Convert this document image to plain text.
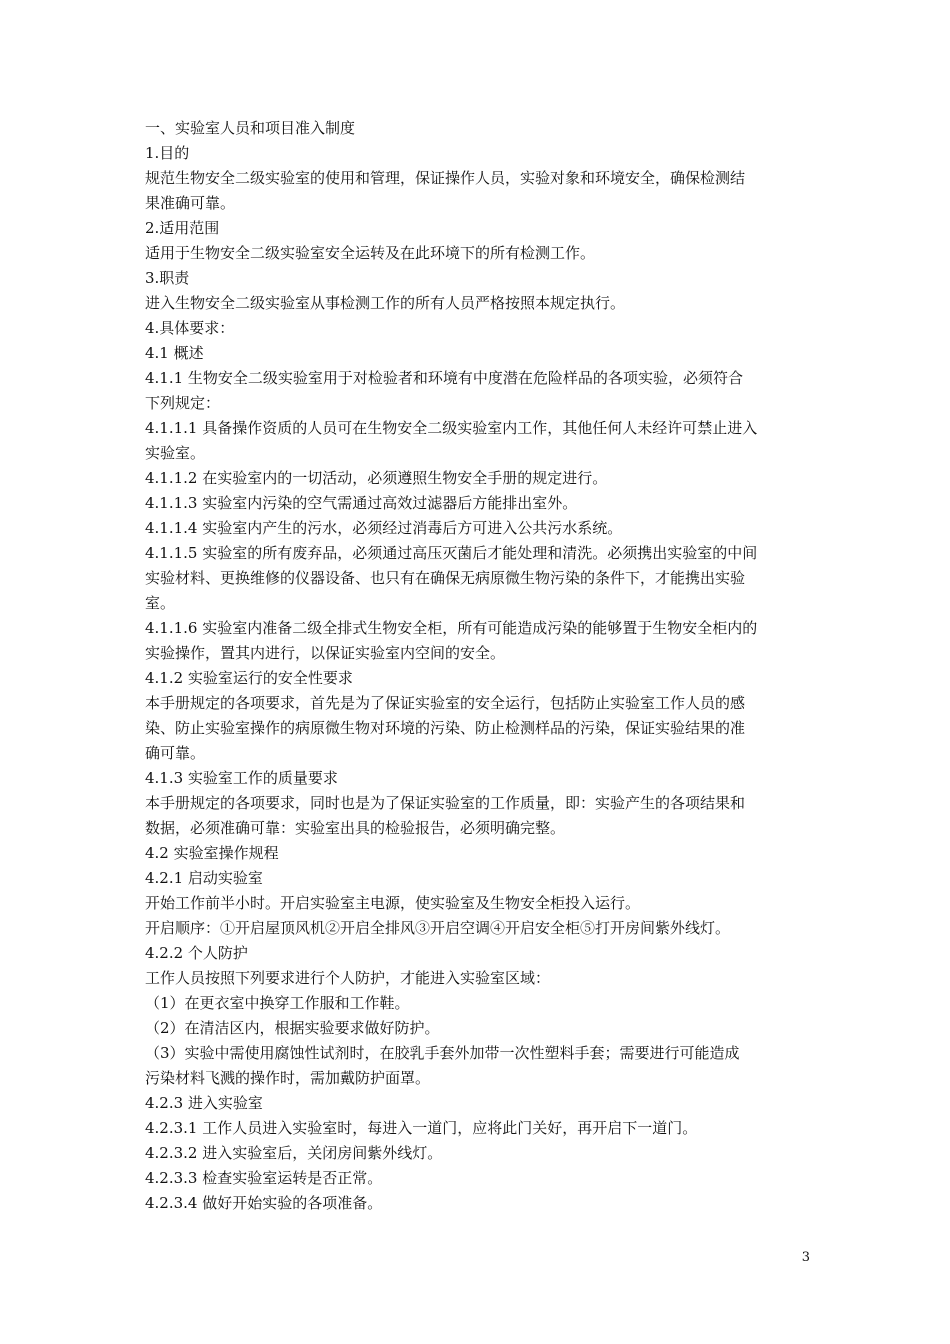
一、实验室人员和项目准入制度
1.目的
规范生物安全二级实验室的使用和管理，保证操作人员，实验对象和环境安全，确保检测结
果准确可靠。
2.适用范围
适用于生物安全二级实验室安全运转及在此环境下的所有检测工作。
3.职责
进入生物安全二级实验室从事检测工作的所有人员严格按照本规定执行。
4.具体要求：
4.1 概述
4.1.1 生物安全二级实验室用于对检验者和环境有中度潜在危险样品的各项实验，必须符合
下列规定：
4.1.1.1 具备操作资质的人员可在生物安全二级实验室内工作，其他任何人未经许可禁止进入
实验室。
4.1.1.2 在实验室内的一切活动，必须遵照生物安全手册的规定进行。
4.1.1.3 实验室内污染的空气需通过高效过滤器后方能排出室外。
4.1.1.4 实验室内产生的污水，必须经过消毒后方可进入公共污水系统。
4.1.1.5 实验室的所有废弃品，必须通过高压灭菌后才能处理和清洗。必须携出实验室的中间
实验材料、更换维修的仪器设备、也只有在确保无病原微生物污染的条件下，才能携出实验
室。
4.1.1.6 实验室内准备二级全排式生物安全柜，所有可能造成污染的能够置于生物安全柜内的
实验操作，置其内进行，以保证实验室内空间的安全。
4.1.2 实验室运行的安全性要求
本手册规定的各项要求，首先是为了保证实验室的安全运行，包括防止实验室工作人员的感
染、防止实验室操作的病原微生物对环境的污染、防止检测样品的污染，保证实验结果的准
确可靠。
4.1.3 实验室工作的质量要求
本手册规定的各项要求，同时也是为了保证实验室的工作质量，即：实验产生的各项结果和
数据，必须准确可靠：实验室出具的检验报告，必须明确完整。
4.2 实验室操作规程
4.2.1 启动实验室
开始工作前半小时。开启实验室主电源，使实验室及生物安全柜投入运行。
开启顺序：①开启屋顶风机②开启全排风③开启空调④开启安全柜⑤打开房间紫外线灯。
4.2.2 个人防护
工作人员按照下列要求进行个人防护，才能进入实验室区域：
（1）在更衣室中换穿工作服和工作鞋。
（2）在清洁区内，根据实验要求做好防护。
（3）实验中需使用腐蚀性试剂时，在胶乳手套外加带一次性塑料手套；需要进行可能造成
污染材料飞溅的操作时，需加戴防护面罩。
4.2.3 进入实验室
4.2.3.1 工作人员进入实验室时，每进入一道门，应将此门关好，再开启下一道门。
4.2.3.2 进入实验室后，关闭房间紫外线灯。
4.2.3.3 检查实验室运转是否正常。
4.2.3.4 做好开始实验的各项准备。
3
